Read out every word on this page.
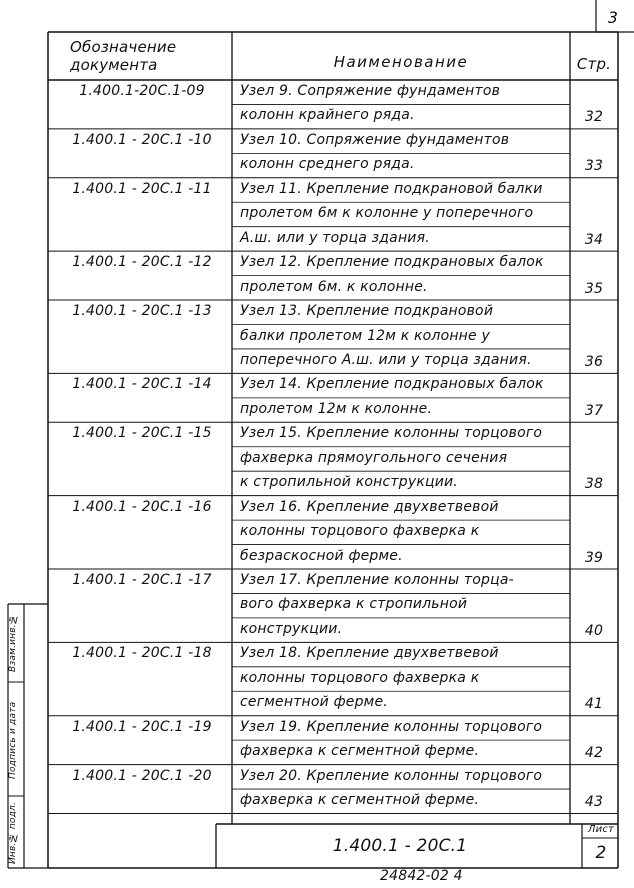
3
Обозначение
документа	Наименование	Стр.
1.400.1-20С.1-09	Узел 9. Сопряжение фундаментов
колонн крайнего ряда.	32
1.400.1 - 20С.1 -10	Узел 10. Сопряжение фундаментов
колонн среднего ряда.	33
1.400.1 - 20С.1 -11	Узел 11. Крепление подкрановой балки
пролетом 6м к колонне у поперечного
А.ш. или у торца здания.	34
1.400.1 - 20С.1 -12	Узел 12. Крепление подкрановых балок
пролетом 6м. к колонне.	35
1.400.1 - 20С.1 -13	Узел 13. Крепление подкрановой
балки пролетом 12м к колонне у
поперечного А.ш. или у торца здания.	36
1.400.1 - 20С.1 -14	Узел 14. Крепление подкрановых балок
пролетом 12м к колонне.	37
1.400.1 - 20С.1 -15	Узел 15. Крепление колонны торцового
фахверка прямоугольного сечения
к стропильной конструкции.	38
1.400.1 - 20С.1 -16	Узел 16. Крепление двухветвевой
колонны торцового фахверка к
безраскосной ферме.	39
1.400.1 - 20С.1 -17	Узел 17. Крепление колонны торца-
вого фахверка к стропильной
конструкции.	40
1.400.1 - 20С.1 -18	Узел 18. Крепление двухветвевой
колонны торцового фахверка к
сегментной ферме.	41
1.400.1 - 20С.1 -19	Узел 19. Крепление колонны торцового
фахверка к сегментной ферме.	42
1.400.1 - 20С.1 -20	Узел 20. Крепление колонны торцового
фахверка к сегментной ферме.	43
Взам.инв.№
Подпись и дата
Инв.№ подл.	1.400.1 - 20С.1
Лист
2
24842-02 4
